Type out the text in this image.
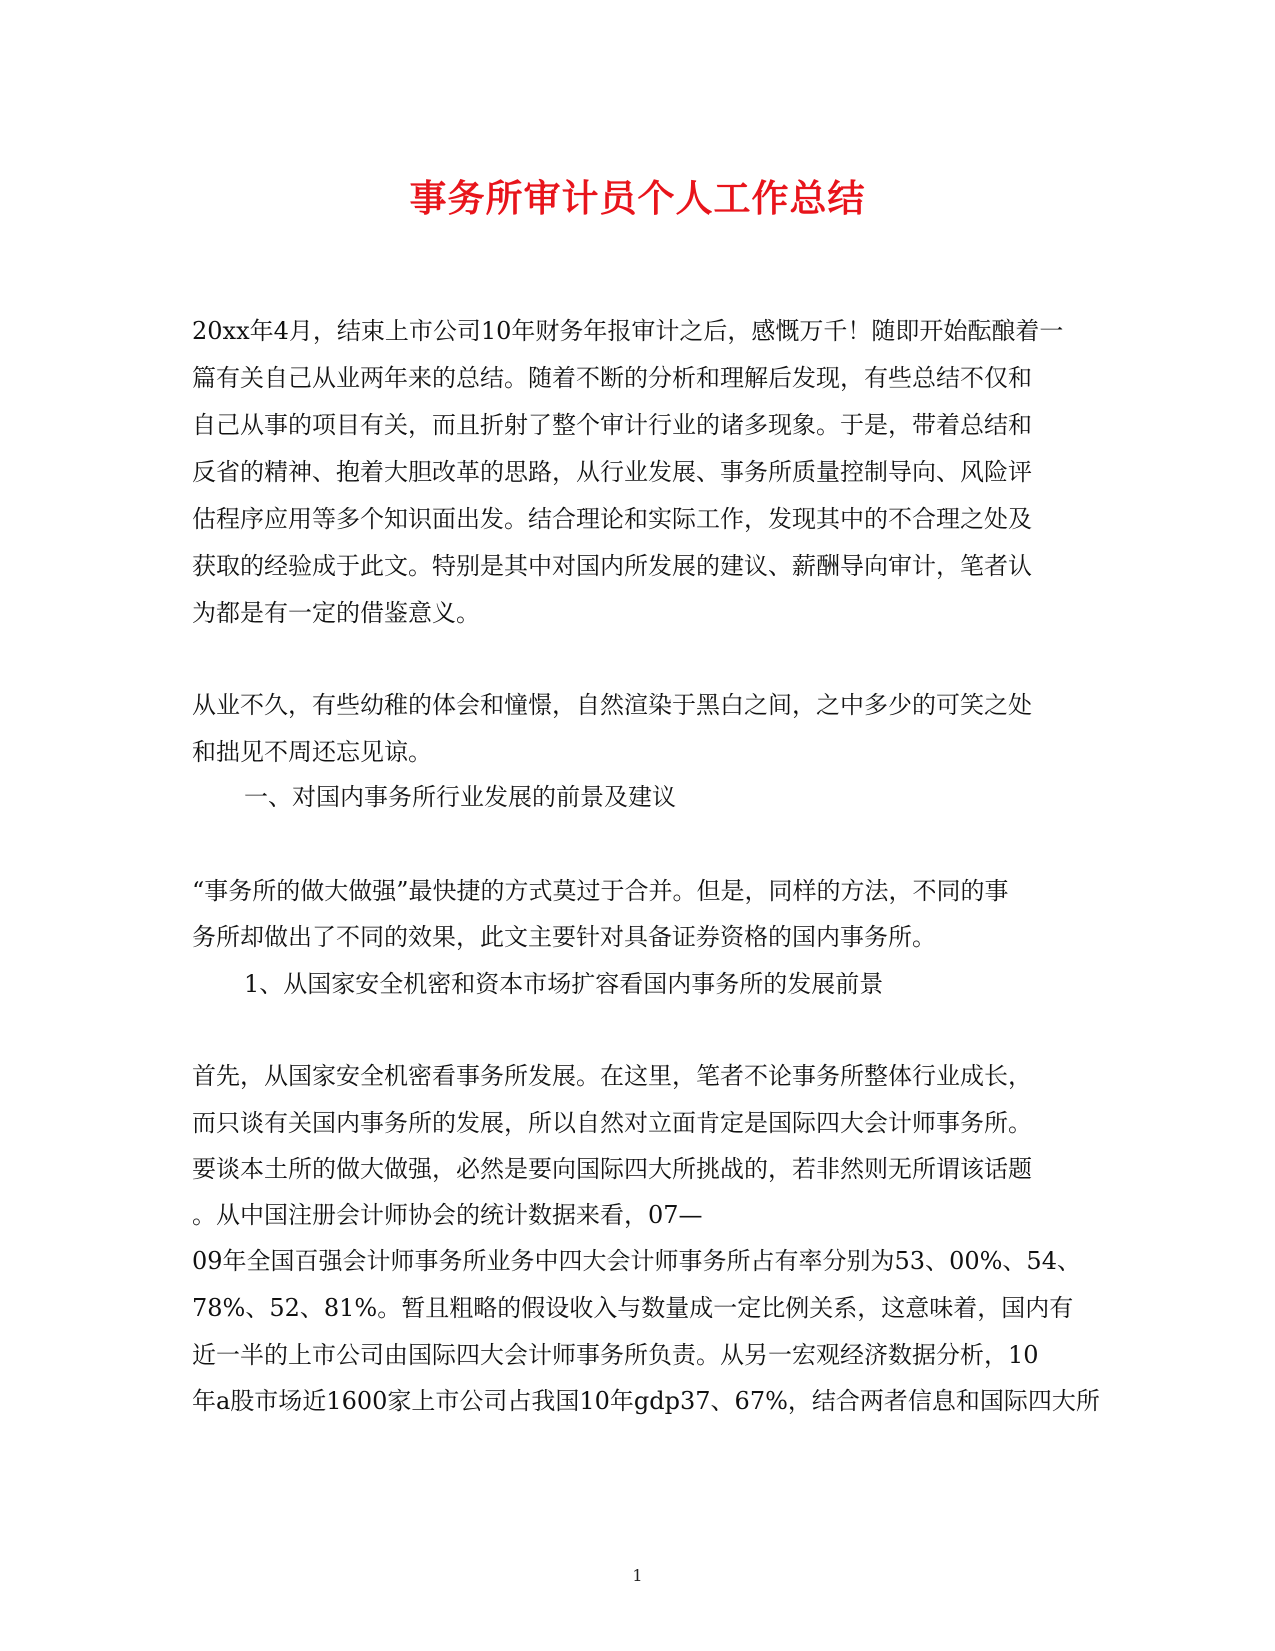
事务所审计员个人工作总结
20xx年4月，结束上市公司10年财务年报审计之后，感慨万千！随即开始酝酿着一
篇有关自己从业两年来的总结。随着不断的分析和理解后发现，有些总结不仅和
自己从事的项目有关，而且折射了整个审计行业的诸多现象。于是，带着总结和
反省的精神、抱着大胆改革的思路，从行业发展、事务所质量控制导向、风险评
估程序应用等多个知识面出发。结合理论和实际工作，发现其中的不合理之处及
获取的经验成于此文。特别是其中对国内所发展的建议、薪酬导向审计，笔者认
为都是有一定的借鉴意义。
从业不久，有些幼稚的体会和憧憬，自然渲染于黑白之间，之中多少的可笑之处
和拙见不周还忘见谅。
一、对国内事务所行业发展的前景及建议
“事务所的做大做强”最快捷的方式莫过于合并。但是，同样的方法，不同的事
务所却做出了不同的效果，此文主要针对具备证券资格的国内事务所。
1、从国家安全机密和资本市场扩容看国内事务所的发展前景
首先，从国家安全机密看事务所发展。在这里，笔者不论事务所整体行业成长，
而只谈有关国内事务所的发展，所以自然对立面肯定是国际四大会计师事务所。
要谈本土所的做大做强，必然是要向国际四大所挑战的，若非然则无所谓该话题
。从中国注册会计师协会的统计数据来看，07—
09年全国百强会计师事务所业务中四大会计师事务所占有率分别为53、00%、54、
78%、52、81%。暂且粗略的假设收入与数量成一定比例关系，这意味着，国内有
近一半的上市公司由国际四大会计师事务所负责。从另一宏观经济数据分析，10
年a股市场近1600家上市公司占我国10年gdp37、67%，结合两者信息和国际四大所
1
